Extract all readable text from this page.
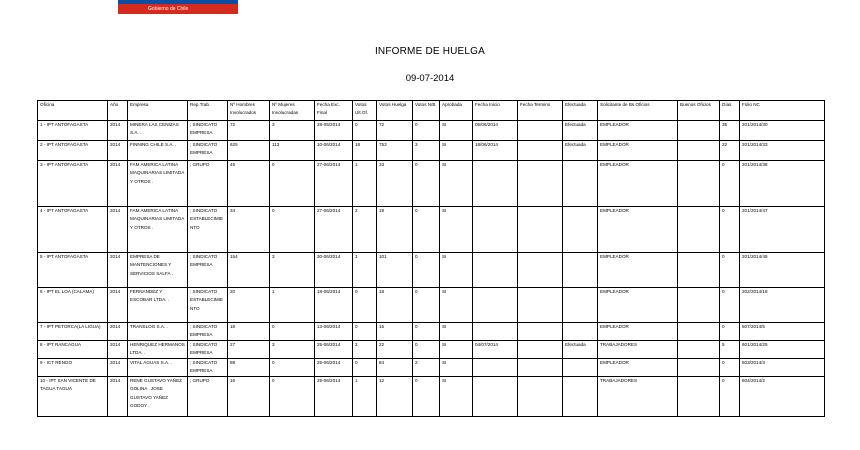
Gobierno de Chile
INFORME DE HUELGA
09-07-2014
Oficina	Año	Empresa	Rep.Trab.	Nº Hombres Involucrados	Nº Mujeres Involucradas	Fecha Exc. Final	Votos Ult.Of.	Votos Huelga	Votos N/B	Aprobada	Fecha Inicio	Fecha Termino	Efectuada	Solicitante de Bs.Oficios	Buenos Oficios	Días	Folio NC
1 - IPT ANTOFAGASTA	2014	MINERA LAS CENIZAS S.A. .	; SINDICATO EMPRESA	72	3	28-05/2014	0	72	0	SI	05/06/2014		Efectuada	EMPLEADOR		35	201/2014/30
2 - IPT ANTOFAGASTA	2014	FINNING CHILE S.A. .	; SINDICATO EMPRESA	625	113	10-06/2014	18	753	3	SI	18/06/2014		Efectuada	EMPLEADOR		22	201/2014/33
3 - IPT ANTOFAGASTA	2014	FAM AMERICA LATINA MAQUINARIAS LIMITADA Y OTROS .	; GRUPO	45	0	27-06/2014	1	33	0	SI				EMPLEADOR		0	201/2014/38
4 - IPT ANTOFAGASTA	2014	FAM AMERICA LATINA MAQUINARIAS LIMITADA Y OTROS .	; SINDICATO ESTABLECIMIENTO	34	0	27-06/2014	2	19	0	SI				EMPLEADOR		0	201/2014/47
5 - IPT ANTOFAGASTA	2014	EMPRESA DE MANTENCIONES Y SERVICIOS SALFA .	; SINDICATO EMPRESA	154	3	30-06/2014	1	101	0	SI				EMPLEADOR		0	201/2014/48
6 - IPT EL LOA (CALAMA)	2014	FERNANDEZ Y ESCOBAR LTDA. .	; SINDICATO ESTABLECIMIENTO	20	1	18-06/2014	0	18	0	SI				EMPLEADOR		0	202/2014/18
7 - IPT PETORCA(LA LIGUA)	2014	TRANSLOG S.A. .	; SINDICATO EMPRESA	18	0	13-06/2014	0	15	0	SI				EMPLEADOR		0	507/2014/5
8 - IPT RANCAGUA	2014	HENRIQUEZ HERMANOS LTDA. .	; SINDICATO EMPRESA	27	3	25-06/2014	2	22	0	SI	04/07/2014		Efectuada	TRABAJADORES		5	601/2014/25
9 - ICT RENGO	2014	VITAL AGUAS S.A. .	; SINDICATO EMPRESA	88	0	25-06/2014	0	84	2	SI				EMPLEADOR		0	603/2014/3
10 - IPT SAN VICENTE DE TAGUA TAGUA	2014	RENE GUSTAVO YAÑEZ GOLINA . JOSE GUSTAVO YAÑEZ GODOY .	; GRUPO	16	0	25-06/2014	1	12	0	SI				TRABAJADORES		0	604/2014/2
